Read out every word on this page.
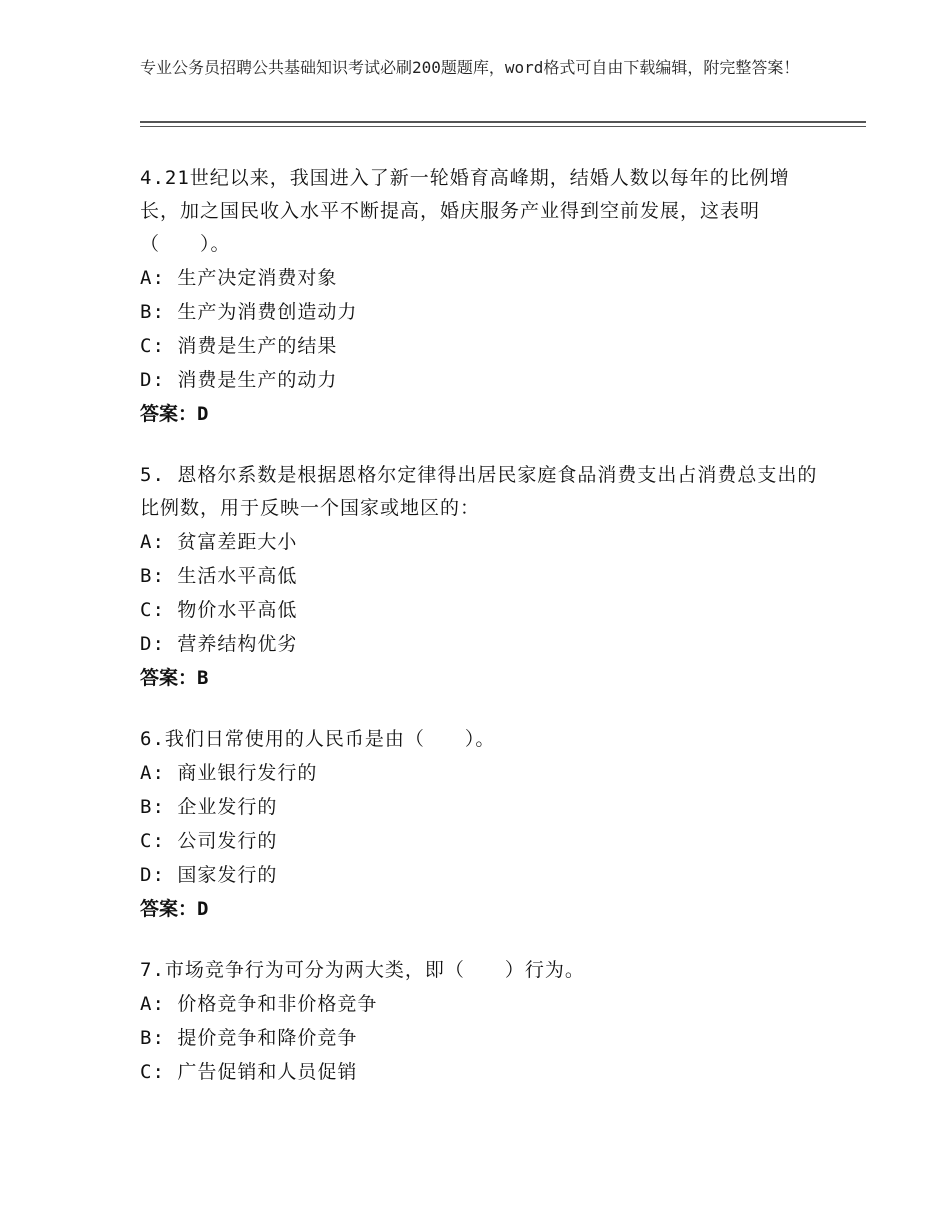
专业公务员招聘公共基础知识考试必刷200题题库，word格式可自由下载编辑，附完整答案！

4.21世纪以来，我国进入了新一轮婚育高峰期，结婚人数以每年的比例增长，加之国民收入水平不断提高，婚庆服务产业得到空前发展，这表明（　　）。

A: 生产决定消费对象

B: 生产为消费创造动力

C: 消费是生产的结果

D: 消费是生产的动力

答案：D

5. 恩格尔系数是根据恩格尔定律得出居民家庭食品消费支出占消费总支出的比例数，用于反映一个国家或地区的：

A: 贫富差距大小

B: 生活水平高低

C: 物价水平高低

D: 营养结构优劣

答案：B

6.我们日常使用的人民币是由（　　）。

A: 商业银行发行的

B: 企业发行的

C: 公司发行的

D: 国家发行的

答案：D

7.市场竞争行为可分为两大类，即（　　）行为。

A: 价格竞争和非价格竞争

B: 提价竞争和降价竞争

C: 广告促销和人员促销
